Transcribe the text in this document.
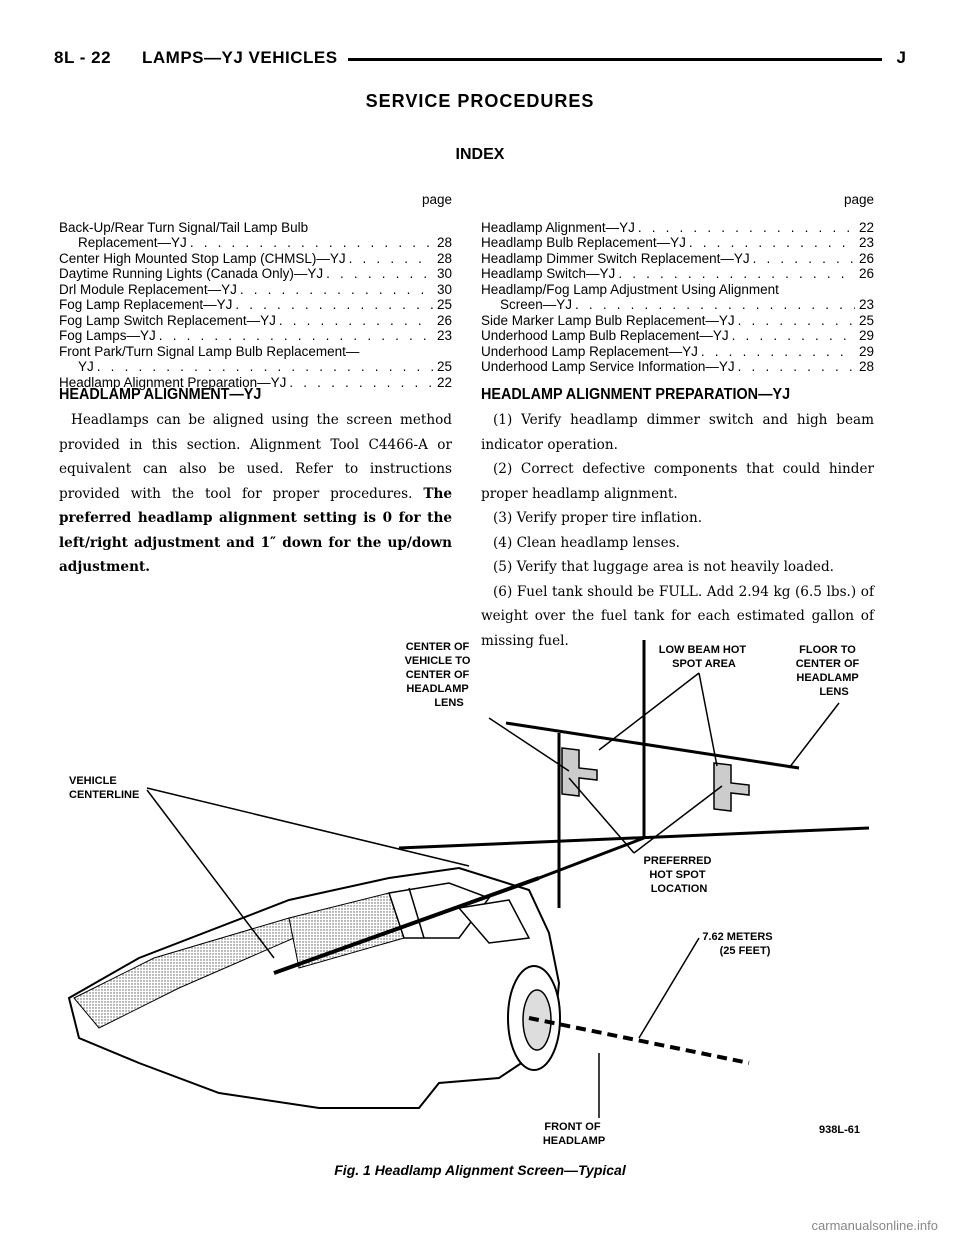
8L - 22 LAMPS—YJ VEHICLES	J
SERVICE PROCEDURES
INDEX
page
Back-Up/Rear Turn Signal/Tail Lamp Bulb
Replacement—YJ . . .	28
Center High Mounted Stop Lamp (CHMSL)—YJ . . .	28
Daytime Running Lights (Canada Only)—YJ . . .	30
Drl Module Replacement—YJ . . .	30
Fog Lamp Replacement—YJ . . .	25
Fog Lamp Switch Replacement—YJ . . .	26
Fog Lamps—YJ . . .	23
Front Park/Turn Signal Lamp Bulb Replacement—
YJ . . .	25
Headlamp Alignment Preparation—YJ . . .	22
page
Headlamp Alignment—YJ . . .	22
Headlamp Bulb Replacement—YJ . . .	23
Headlamp Dimmer Switch Replacement—YJ . . .	26
Headlamp Switch—YJ . . .	26
Headlamp/Fog Lamp Adjustment Using Alignment
Screen—YJ . . .	23
Side Marker Lamp Bulb Replacement—YJ . . .	25
Underhood Lamp Bulb Replacement—YJ . . .	29
Underhood Lamp Replacement—YJ . . .	29
Underhood Lamp Service Information—YJ . . .	28
HEADLAMP ALIGNMENT—YJ	HEADLAMP ALIGNMENT PREPARATION—YJ
Headlamps can be aligned using the screen method provided in this section. Alignment Tool C4466-A or equivalent can also be used. Refer to instructions provided with the tool for proper procedures. The preferred headlamp alignment setting is 0 for the left/right adjustment and 1″ down for the up/down adjustment.

(1) Verify headlamp dimmer switch and high beam indicator operation.

(2) Correct defective components that could hinder proper headlamp alignment.

(3) Verify proper tire inflation.

(4) Clean headlamp lenses.

(5) Verify that luggage area is not heavily loaded.

(6) Fuel tank should be FULL. Add 2.94 kg (6.5 lbs.) of weight over the fuel tank for each estimated gallon of missing fuel.

CENTER OF VEHICLE TO CENTER OF HEADLAMP LENS
LOW BEAM HOT SPOT AREA
FLOOR TO CENTER OF HEADLAMP LENS
VEHICLE CENTERLINE
PREFERRED HOT SPOT LOCATION
7.62 METERS (25 FEET)
FRONT OF HEADLAMP
938L-61
Fig. 1 Headlamp Alignment Screen—Typical
carmanualsonline.info
